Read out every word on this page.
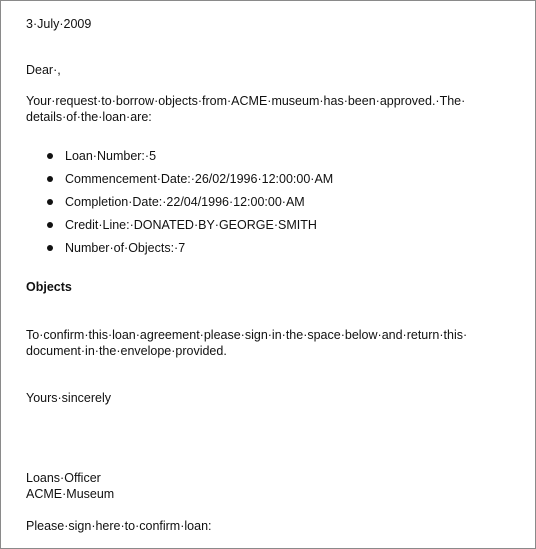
3·July·2009
Dear·,
Your·request·to·borrow·objects·from·ACME·museum·has·been·approved.·The·
details·of·the·loan·are:
Loan·Number:·5
Commencement·Date:·26/02/1996·12:00:00·AM
Completion·Date:·22/04/1996·12:00:00·AM
Credit·Line:·DONATED·BY·GEORGE·SMITH
Number·of·Objects:·7
Objects
To·confirm·this·loan·agreement·please·sign·in·the·space·below·and·return·this·
document·in·the·envelope·provided.
Yours·sincerely
Loans·Officer
ACME·Museum
Please·sign·here·to·confirm·loan:
